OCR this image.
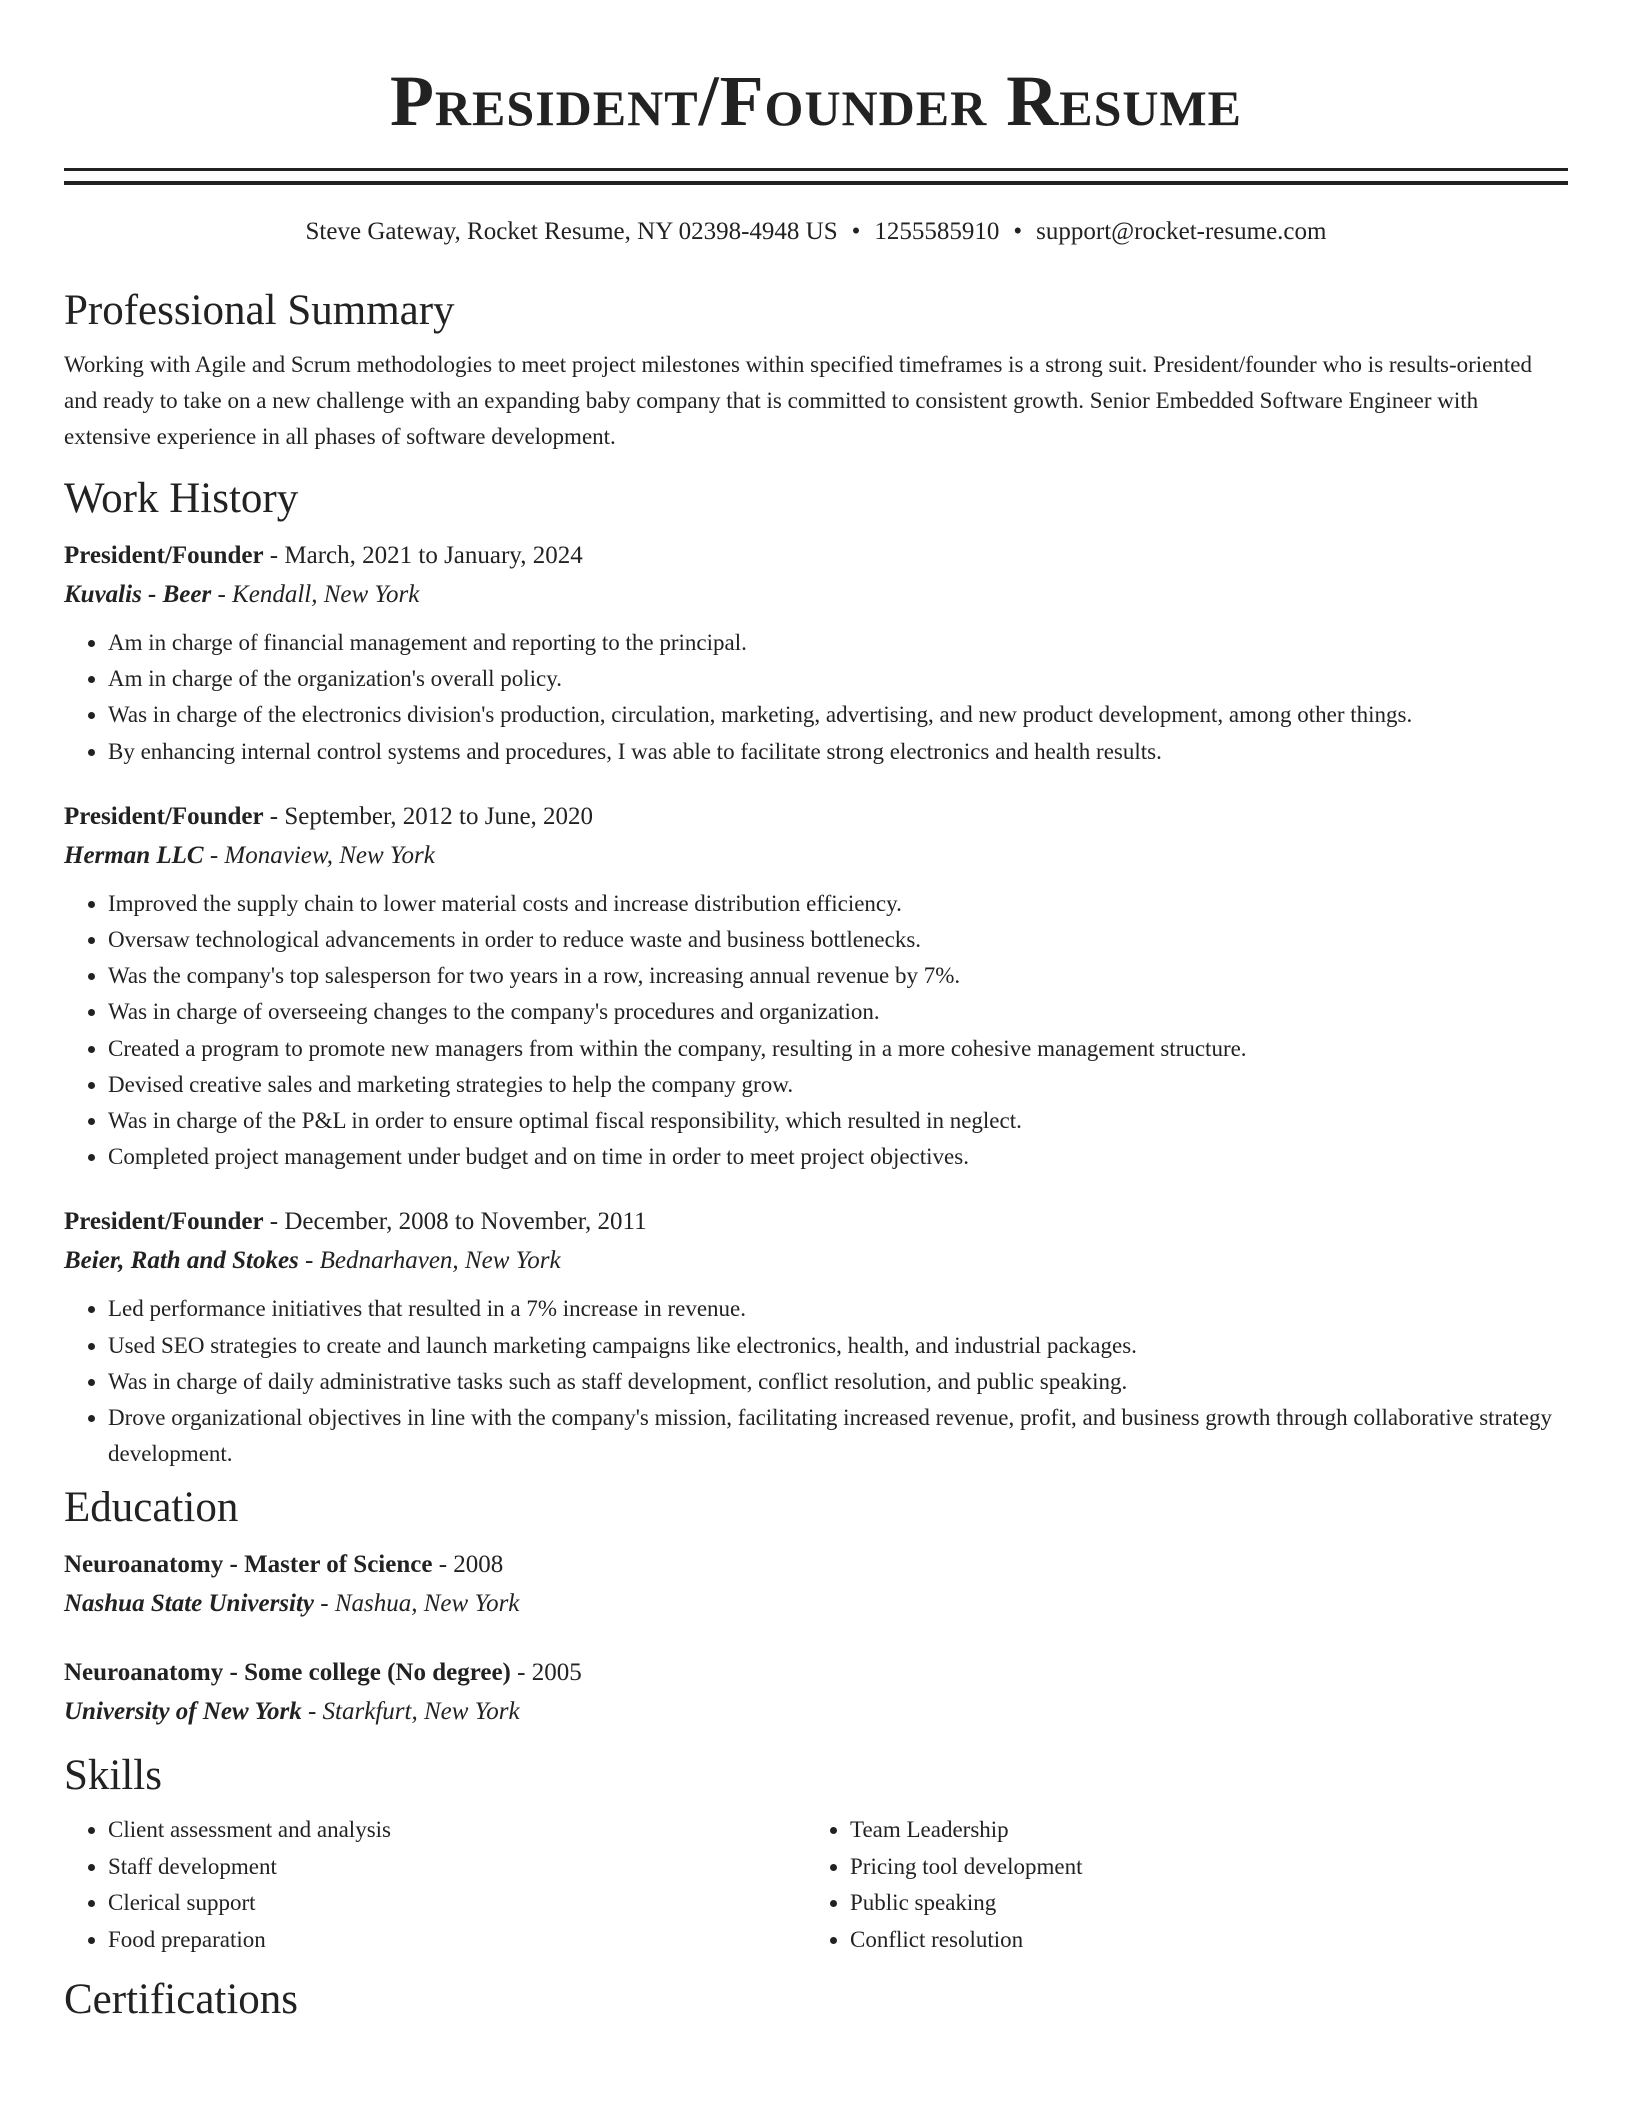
President/Founder Resume
Steve Gateway, Rocket Resume, NY 02398-4948 US • 1255585910 • support@rocket-resume.com
Professional Summary

Working with Agile and Scrum methodologies to meet project milestones within specified timeframes is a strong suit. President/founder who is results-oriented and ready to take on a new challenge with an expanding baby company that is committed to consistent growth. Senior Embedded Software Engineer with extensive experience in all phases of software development.

Work History
President/Founder - March, 2021 to January, 2024
Kuvalis - Beer - Kendall, New York
• Am in charge of financial management and reporting to the principal.
• Am in charge of the organization's overall policy.
• Was in charge of the electronics division's production, circulation, marketing, advertising, and new product development, among other things.
• By enhancing internal control systems and procedures, I was able to facilitate strong electronics and health results.
President/Founder - September, 2012 to June, 2020
Herman LLC - Monaview, New York
• Improved the supply chain to lower material costs and increase distribution efficiency.
• Oversaw technological advancements in order to reduce waste and business bottlenecks.
• Was the company's top salesperson for two years in a row, increasing annual revenue by 7%.
• Was in charge of overseeing changes to the company's procedures and organization.
• Created a program to promote new managers from within the company, resulting in a more cohesive management structure.
• Devised creative sales and marketing strategies to help the company grow.
• Was in charge of the P&L in order to ensure optimal fiscal responsibility, which resulted in neglect.
• Completed project management under budget and on time in order to meet project objectives.
President/Founder - December, 2008 to November, 2011
Beier, Rath and Stokes - Bednarhaven, New York
• Led performance initiatives that resulted in a 7% increase in revenue.
• Used SEO strategies to create and launch marketing campaigns like electronics, health, and industrial packages.
• Was in charge of daily administrative tasks such as staff development, conflict resolution, and public speaking.
• Drove organizational objectives in line with the company's mission, facilitating increased revenue, profit, and business growth through collaborative strategy development.
Education
Neuroanatomy - Master of Science - 2008
Nashua State University - Nashua, New York
Neuroanatomy - Some college (No degree) - 2005
University of New York - Starkfurt, New York
Skills
• Client assessment and analysis
• Staff development
• Clerical support
• Food preparation
• Team Leadership
• Pricing tool development
• Public speaking
• Conflict resolution
Certifications
